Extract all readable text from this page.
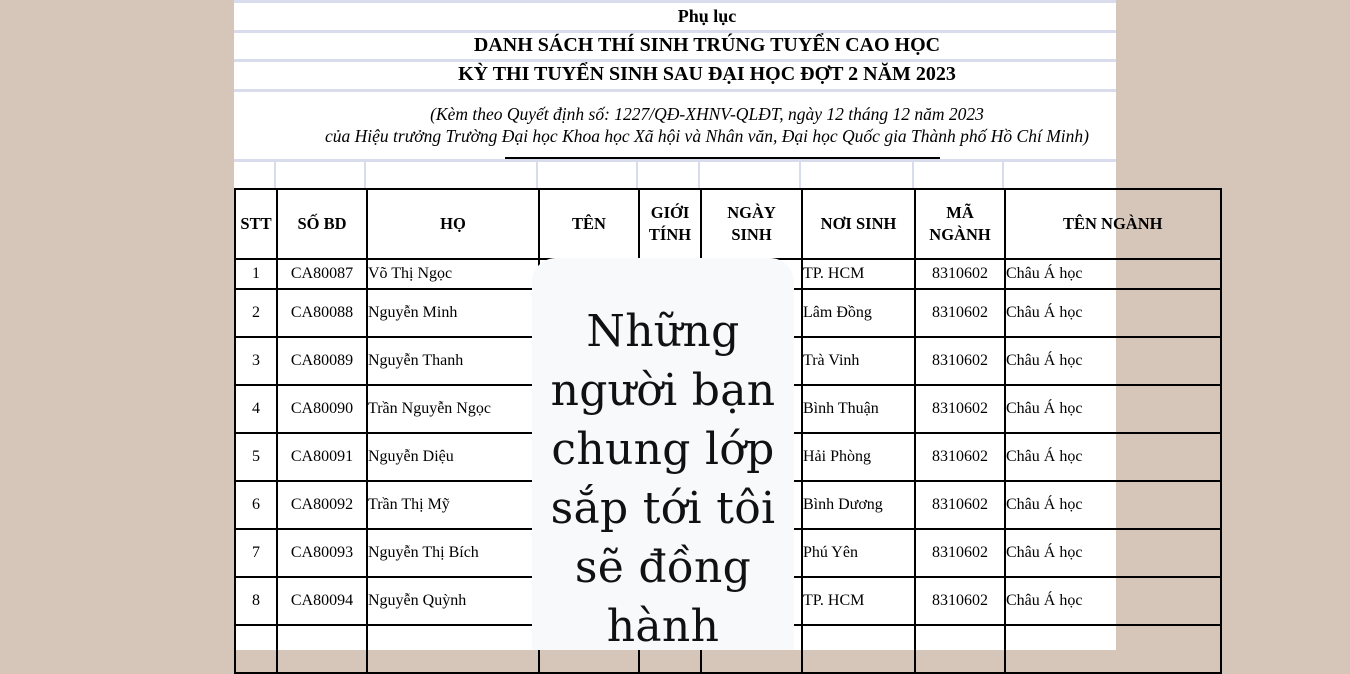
Phụ lục
DANH SÁCH THÍ SINH TRÚNG TUYỂN CAO HỌC
KỲ THI TUYỂN SINH SAU ĐẠI HỌC ĐỢT 2 NĂM 2023
(Kèm theo Quyết định số: 1227/QĐ-XHNV-QLĐT, ngày 12 tháng 12 năm 2023
của Hiệu trưởng Trường Đại học Khoa học Xã hội và Nhân văn, Đại học Quốc gia Thành phố Hồ Chí Minh)
STT	SỐ BD	HỌ	TÊN	GIỚI TÍNH	NGÀY SINH	NƠI SINH	MÃ NGÀNH	TÊN NGÀNH
1	CA80087	Võ Thị Ngọc				TP. HCM	8310602	Châu Á học
2	CA80088	Nguyễn Minh				Lâm Đồng	8310602	Châu Á học
3	CA80089	Nguyễn Thanh				Trà Vinh	8310602	Châu Á học
4	CA80090	Trần Nguyễn Ngọc				Bình Thuận	8310602	Châu Á học
5	CA80091	Nguyễn Diệu				Hải Phòng	8310602	Châu Á học
6	CA80092	Trần Thị Mỹ				Bình Dương	8310602	Châu Á học
7	CA80093	Nguyễn Thị Bích				Phú Yên	8310602	Châu Á học
8	CA80094	Nguyễn Quỳnh				TP. HCM	8310602	Châu Á học

Những người bạn chung lớp sắp tới tôi sẽ đồng hành
